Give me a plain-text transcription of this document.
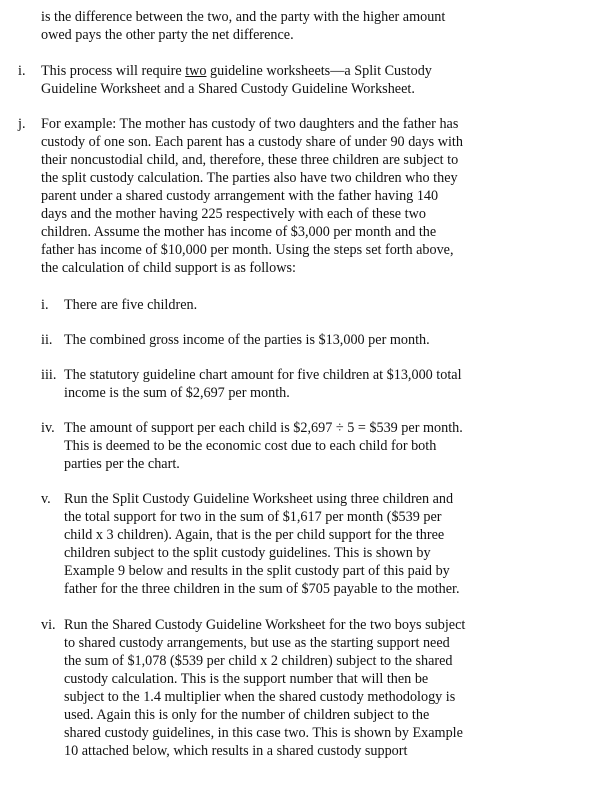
is the difference between the two, and the party with the higher amount
owed pays the other party the net difference.
i. This process will require two guideline worksheets—a Split Custody
Guideline Worksheet and a Shared Custody Guideline Worksheet.
j. For example: The mother has custody of two daughters and the father has
custody of one son. Each parent has a custody share of under 90 days with
their noncustodial child, and, therefore, these three children are subject to
the split custody calculation. The parties also have two children who they
parent under a shared custody arrangement with the father having 140
days and the mother having 225 respectively with each of these two
children. Assume the mother has income of $3,000 per month and the
father has income of $10,000 per month. Using the steps set forth above,
the calculation of child support is as follows:
i. There are five children.
ii. The combined gross income of the parties is $13,000 per month.
iii. The statutory guideline chart amount for five children at $13,000 total
income is the sum of $2,697 per month.
iv. The amount of support per each child is $2,697 ÷ 5 = $539 per month.
This is deemed to be the economic cost due to each child for both
parties per the chart.
v. Run the Split Custody Guideline Worksheet using three children and
the total support for two in the sum of $1,617 per month ($539 per
child x 3 children). Again, that is the per child support for the three
children subject to the split custody guidelines. This is shown by
Example 9 below and results in the split custody part of this paid by
father for the three children in the sum of $705 payable to the mother.
vi. Run the Shared Custody Guideline Worksheet for the two boys subject
to shared custody arrangements, but use as the starting support need
the sum of $1,078 ($539 per child x 2 children) subject to the shared
custody calculation. This is the support number that will then be
subject to the 1.4 multiplier when the shared custody methodology is
used. Again this is only for the number of children subject to the
shared custody guidelines, in this case two. This is shown by Example
10 attached below, which results in a shared custody support
